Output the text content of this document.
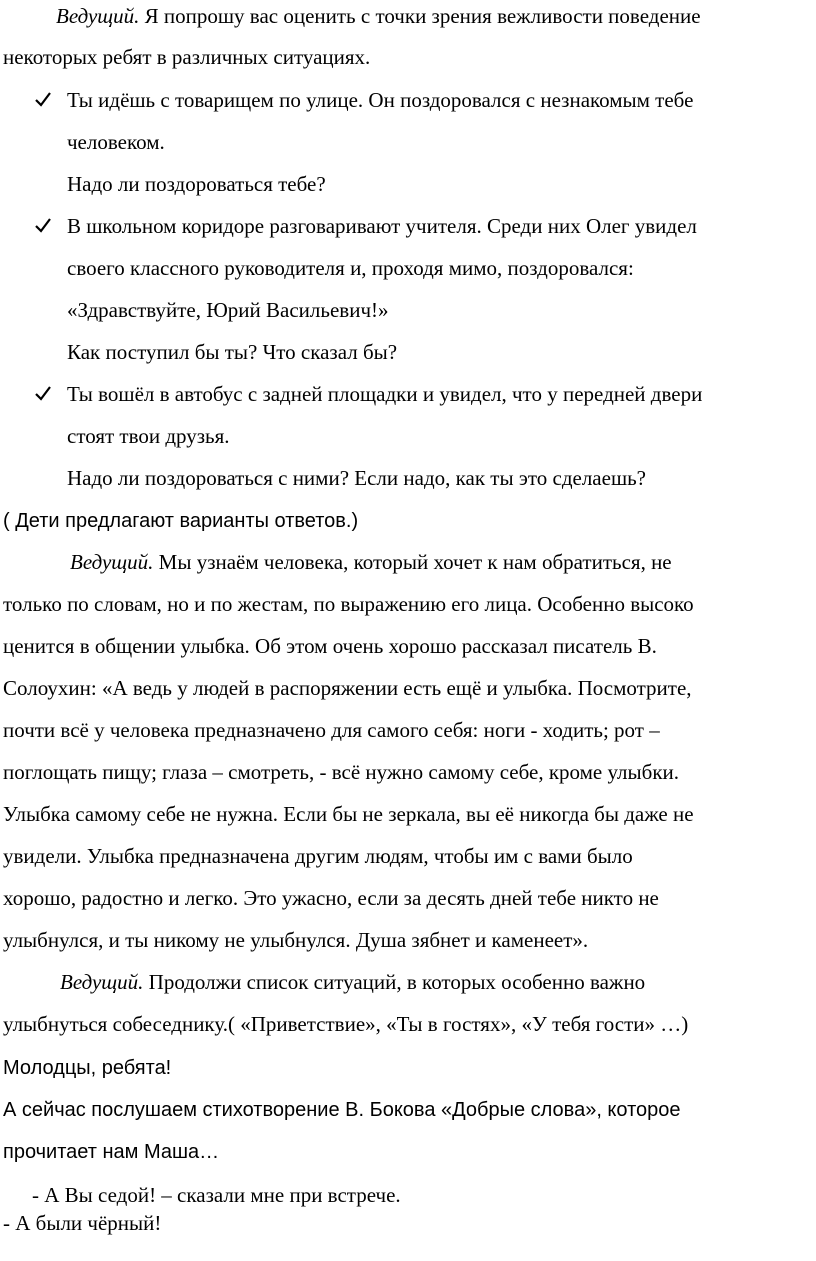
Ведущий. Я попрошу вас оценить с точки зрения вежливости поведение
некоторых ребят в различных ситуациях.
Ты идёшь с товарищем по улице. Он поздоровался с незнакомым тебе
человеком.
Надо ли поздороваться тебе?
В школьном коридоре разговаривают учителя. Среди них Олег увидел
своего классного руководителя и, проходя мимо, поздоровался:
«Здравствуйте, Юрий Васильевич!»
Как поступил бы ты? Что сказал бы?
Ты вошёл в автобус с задней площадки и увидел, что у передней двери
стоят твои друзья.
Надо ли поздороваться с ними? Если надо, как ты это сделаешь?
( Дети предлагают варианты ответов.)
Ведущий. Мы узнаём человека, который хочет к нам обратиться, не
только по словам, но и по жестам, по выражению его лица. Особенно высоко
ценится в общении улыбка. Об этом очень хорошо рассказал писатель В.
Солоухин: «А ведь у людей в распоряжении есть ещё и улыбка. Посмотрите,
почти всё у человека предназначено для самого себя: ноги - ходить; рот –
поглощать пищу; глаза – смотреть, - всё нужно самому себе, кроме улыбки.
Улыбка самому себе не нужна. Если бы не зеркала, вы её никогда бы даже не
увидели. Улыбка предназначена другим людям, чтобы им с вами было
хорошо, радостно и легко. Это ужасно, если за десять дней тебе никто не
улыбнулся, и ты никому не улыбнулся. Душа зябнет и каменеет».
Ведущий. Продолжи список ситуаций, в которых особенно важно
улыбнуться собеседнику.( «Приветствие», «Ты в гостях», «У тебя гости» …)
Молодцы, ребята!
А сейчас послушаем стихотворение В. Бокова «Добрые слова», которое
прочитает нам Маша…
- А Вы седой! – сказали мне при встрече.
- А были чёрный!
